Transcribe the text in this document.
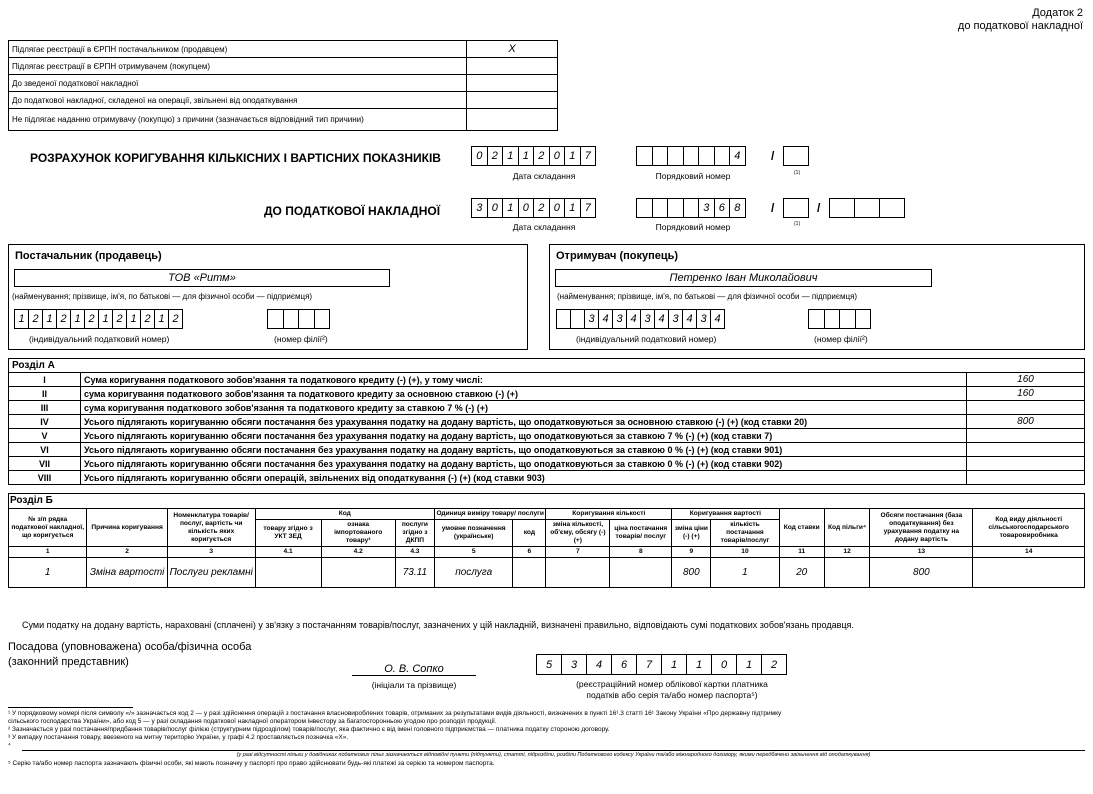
Додаток 2
до податкової накладної
Підлягає реєстрації в ЄРПН постачальником (продавцем)	Х
Підлягає реєстрації в ЄРПН отримувачем (покупцем)	
До зведеної податкової накладної	
До податкової накладної, складеної на операції, звільнені від оподаткування	
Не підлягає наданню отримувачу (покупцю) з причини (зазначається відповідний тип причини)	
РОЗРАХУНОК КОРИГУВАННЯ КІЛЬКІСНИХ І ВАРТІСНИХ ПОКАЗНИКІВ	0 2 1 1 2 0 1 7	4	/
Дата складання	Порядковий номер	(1)
ДО ПОДАТКОВОЇ НАКЛАДНОЇ	3 0 1 0 2 0 1 7	3 6 8	/	/
Дата складання	Порядковий номер	(1)
Постачальник (продавець)
ТОВ «Ритм»
(найменування; прізвище, ім'я, по батькові — для фізичної особи — підприємця)
1 2 1 2 1 2 1 2 1 2 1 2
(індивідуальний податковий номер)	(номер філії²)
Отримувач (покупець)
Петренко Іван Миколайович
(найменування; прізвище, ім'я, по батькові — для фізичної особи — підприємця)
3 4 3 4 3 4 3 4 3 4
(індивідуальний податковий номер)	(номер філії²)
Розділ А		
I	Сума коригування податкового зобов'язання та податкового кредиту (-) (+), у тому числі:	160
II	сума коригування податкового зобов'язання та податкового кредиту за основною ставкою (-) (+)	160
III	сума коригування податкового зобов'язання та податкового кредиту за ставкою 7 % (-) (+)	
IV	Усього підлягають коригуванню обсяги постачання без урахування податку на додану вартість, що оподатковуються за основною ставкою (-) (+) (код ставки 20)	800
V	Усього підлягають коригуванню обсяги постачання без урахування податку на додану вартість, що оподатковуються за ставкою 7 % (-) (+) (код ставки 7)	
VI	Усього підлягають коригуванню обсяги постачання без урахування податку на додану вартість, що оподатковуються за ставкою 0 % (-) (+) (код ставки 901)	
VII	Усього підлягають коригуванню обсяги постачання без урахування податку на додану вартість, що оподатковуються за ставкою 0 % (-) (+) (код ставки 902)	
VIII	Усього підлягають коригуванню обсяги операцій, звільнених від оподаткування (-) (+) (код ставки 903)	
Розділ Б															
№ з/п рядка податкової накладної, що коригується	Причина коригування	Номенклатура товарів/послуг, вартість чи кількість яких коригується	Код			Одиниця виміру товару/ послуги		Коригування кількості		Коригування вартості		Код ставки	Код пільги⁴	Обсяги постачання (база оподаткування) без урахування податку на додану вартість	Код виду діяльності сільськогосподарського товаровиробника
			товару згідно з УКТ ЗЕД	ознака імпортованого товару³	послуги згідно з ДКПП	умовне позначення (українське)	код	зміна кількості, об'єму, обсягу (-) (+)	ціна постачання товарів/ послуг	зміна ціни (-) (+)	кількість постачання товарів/послуг				
1	2	3	4.1	4.2	4.3	5	6	7	8	9	10	11	12	13	14
1	Зміна вартості	Послуги рекламні			73.11	послуга				800	1	20		800	
Суми податку на додану вартість, нараховані (сплачені) у зв'язку з постачанням товарів/послуг, зазначених у цій накладній, визначені правильно, відповідають сумі податкових зобов'язань продавця.
Посадова (уповноважена) особа/фізична особа
(законний представник)
О. В. Сопко
(ініціали та прізвище)
5	3	4	6	7	1	1	0	1	2
(реєстраційний номер облікової картки платника
податків або серія та/або номер паспорта⁵)
¹ У порядковому номері після символу «/» зазначається код 2 — у разі здійснення операцій з постачання власновироблених товарів, отриманих за результатами видів діяльності, визначених в пункті 16¹.3 статті 16¹ Закону України «Про державну підтримку
сільського господарства України», або код 5 — у разі складання податкової накладної оператором інвестору за багатосторонньою угодою про розподіл продукції.
² Зазначається у разі постачання/придбання товарів/послуг філією (структурним підрозділом) товарів/послуг, яка фактично є від імені головного підприємства — платника податку стороною договору.
³ У випадку постачання товару, ввезеного на митну територію України, у графі 4.2 проставляється позначка «Х».
⁴
(у разі відсутності пільги у довідниках податкових пільг зазначаються відповідні пункти (підпункти), статті, підрозділи, розділи Податкового кодексу України та/або міжнародного договору, якими передбачено звільнення від оподаткування)
⁵ Серію та/або номер паспорта зазначають фізичні особи, які мають позначку у паспорті про право здійснювати будь-які платежі за серією та номером паспорта.
